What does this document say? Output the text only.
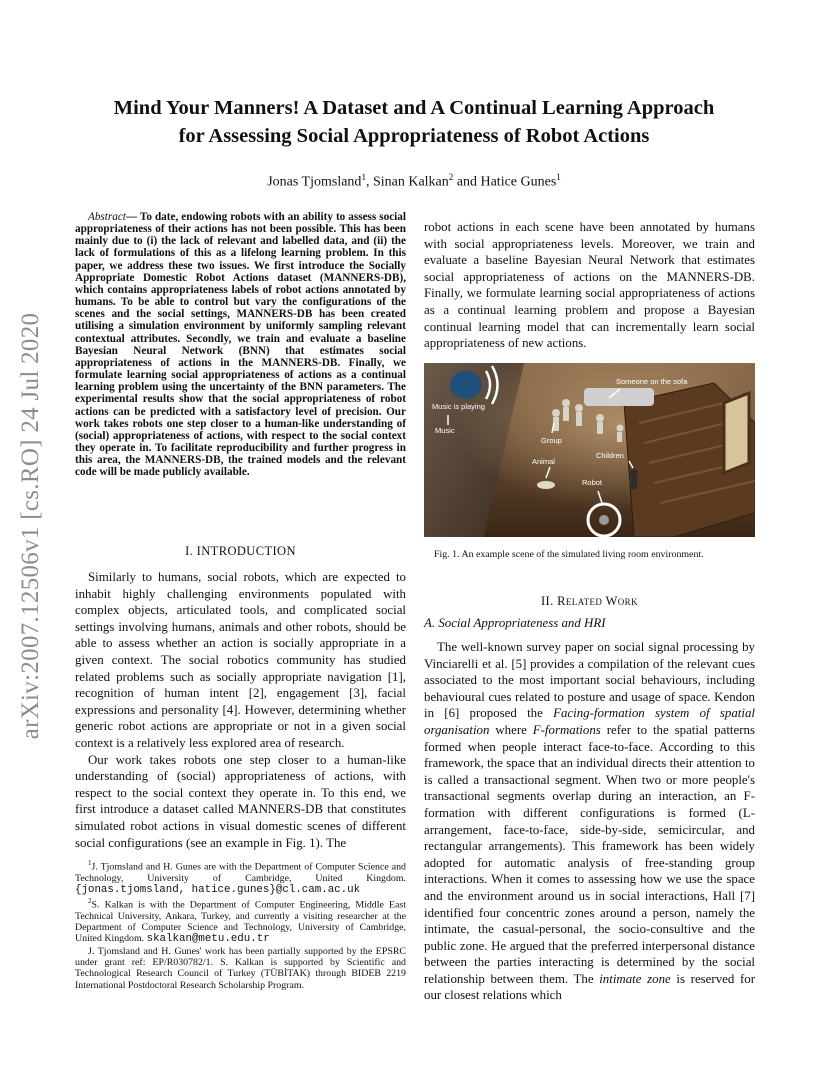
Mind Your Manners! A Dataset and A Continual Learning Approach
for Assessing Social Appropriateness of Robot Actions
Jonas Tjomsland$^1$, Sinan Kalkan$^2$ and Hatice Gunes$^1$
arXiv:2007.12506v1 [cs.RO] 24 Jul 2020

Abstract— To date, endowing robots with an ability to assess social appropriateness of their actions has not been possible. This has been mainly due to (i) the lack of relevant and labelled data, and (ii) the lack of formulations of this as a lifelong learning problem. In this paper, we address these two issues. We first introduce the Socially Appropriate Domestic Robot Actions dataset (MANNERS-DB), which contains appropriateness labels of robot actions annotated by humans. To be able to control but vary the configurations of the scenes and the social settings, MANNERS-DB has been created utilising a simulation environment by uniformly sampling relevant contextual attributes. Secondly, we train and evaluate a baseline Bayesian Neural Network (BNN) that estimates social appropriateness of actions in the MANNERS-DB. Finally, we formulate learning social appropriateness of actions as a continual learning problem using the uncertainty of the BNN parameters. The experimental results show that the social appropriateness of robot actions can be predicted with a satisfactory level of precision. Our work takes robots one step closer to a human-like understanding of (social) appropriateness of actions, with respect to the social context they operate in. To facilitate reproducibility and further progress in this area, the MANNERS-DB, the trained models and the relevant code will be made publicly available.

I. INTRODUCTION

Similarly to humans, social robots, which are expected to inhabit highly challenging environments populated with complex objects, articulated tools, and complicated social settings involving humans, animals and other robots, should be able to assess whether an action is socially appropriate in a given context. The social robotics community has studied related problems such as socially appropriate navigation [1], recognition of human intent [2], engagement [3], facial expressions and personality [4]. However, determining whether generic robot actions are appropriate or not in a given social context is a relatively less explored area of research.

Our work takes robots one step closer to a human-like understanding of (social) appropriateness of actions, with respect to the social context they operate in. To this end, we first introduce a dataset called MANNERS-DB that constitutes simulated robot actions in visual domestic scenes of different social configurations (see an example in Fig. 1). The

$^1$J. Tjomsland and H. Gunes are with the Department of Computer Science and Technology, University of Cambridge, United Kingdom. {jonas.tjomsland, hatice.gunes}@cl.cam.ac.uk

$^2$S. Kalkan is with the Department of Computer Engineering, Middle East Technical University, Ankara, Turkey, and currently a visiting researcher at the Department of Computer Science and Technology, University of Cambridge, United Kingdom. skalkan@metu.edu.tr

J. Tjomsland and H. Gunes' work has been partially supported by the EPSRC under grant ref: EP/R030782/1. S. Kalkan is supported by Scientific and Technological Research Council of Turkey (TÜBİTAK) through BIDEB 2219 International Postdoctoral Research Scholarship Program.

robot actions in each scene have been annotated by humans with social appropriateness levels. Moreover, we train and evaluate a baseline Bayesian Neural Network that estimates social appropriateness of actions on the MANNERS-DB. Finally, we formulate learning social appropriateness of actions as a continual learning problem and propose a Bayesian continual learning model that can incrementally learn social appropriateness of new actions.

Music is playing
Music
Someone on the sofa
Group
Children
Animal
Robot
Fig. 1. An example scene of the simulated living room environment.
II. Related Work
A. Social Appropriateness and HRI

The well-known survey paper on social signal processing by Vinciarelli et al. [5] provides a compilation of the relevant cues associated to the most important social behaviours, including behavioural cues related to posture and usage of space. Kendon in [6] proposed the Facing-formation system of spatial organisation where F-formations refer to the spatial patterns formed when people interact face-to-face. According to this framework, the space that an individual directs their attention to is called a transactional segment. When two or more people's transactional segments overlap during an interaction, an F-formation with different configurations is formed (L-arrangement, face-to-face, side-by-side, semicircular, and rectangular arrangements). This framework has been widely adopted for automatic analysis of free-standing group interactions. When it comes to assessing how we use the space and the environment around us in social interactions, Hall [7] identified four concentric zones around a person, namely the intimate, the casual-personal, the socio-consultive and the public zone. He argued that the preferred interpersonal distance between the parties interacting is determined by the social relationship between them. The intimate zone is reserved for our closest relations which
